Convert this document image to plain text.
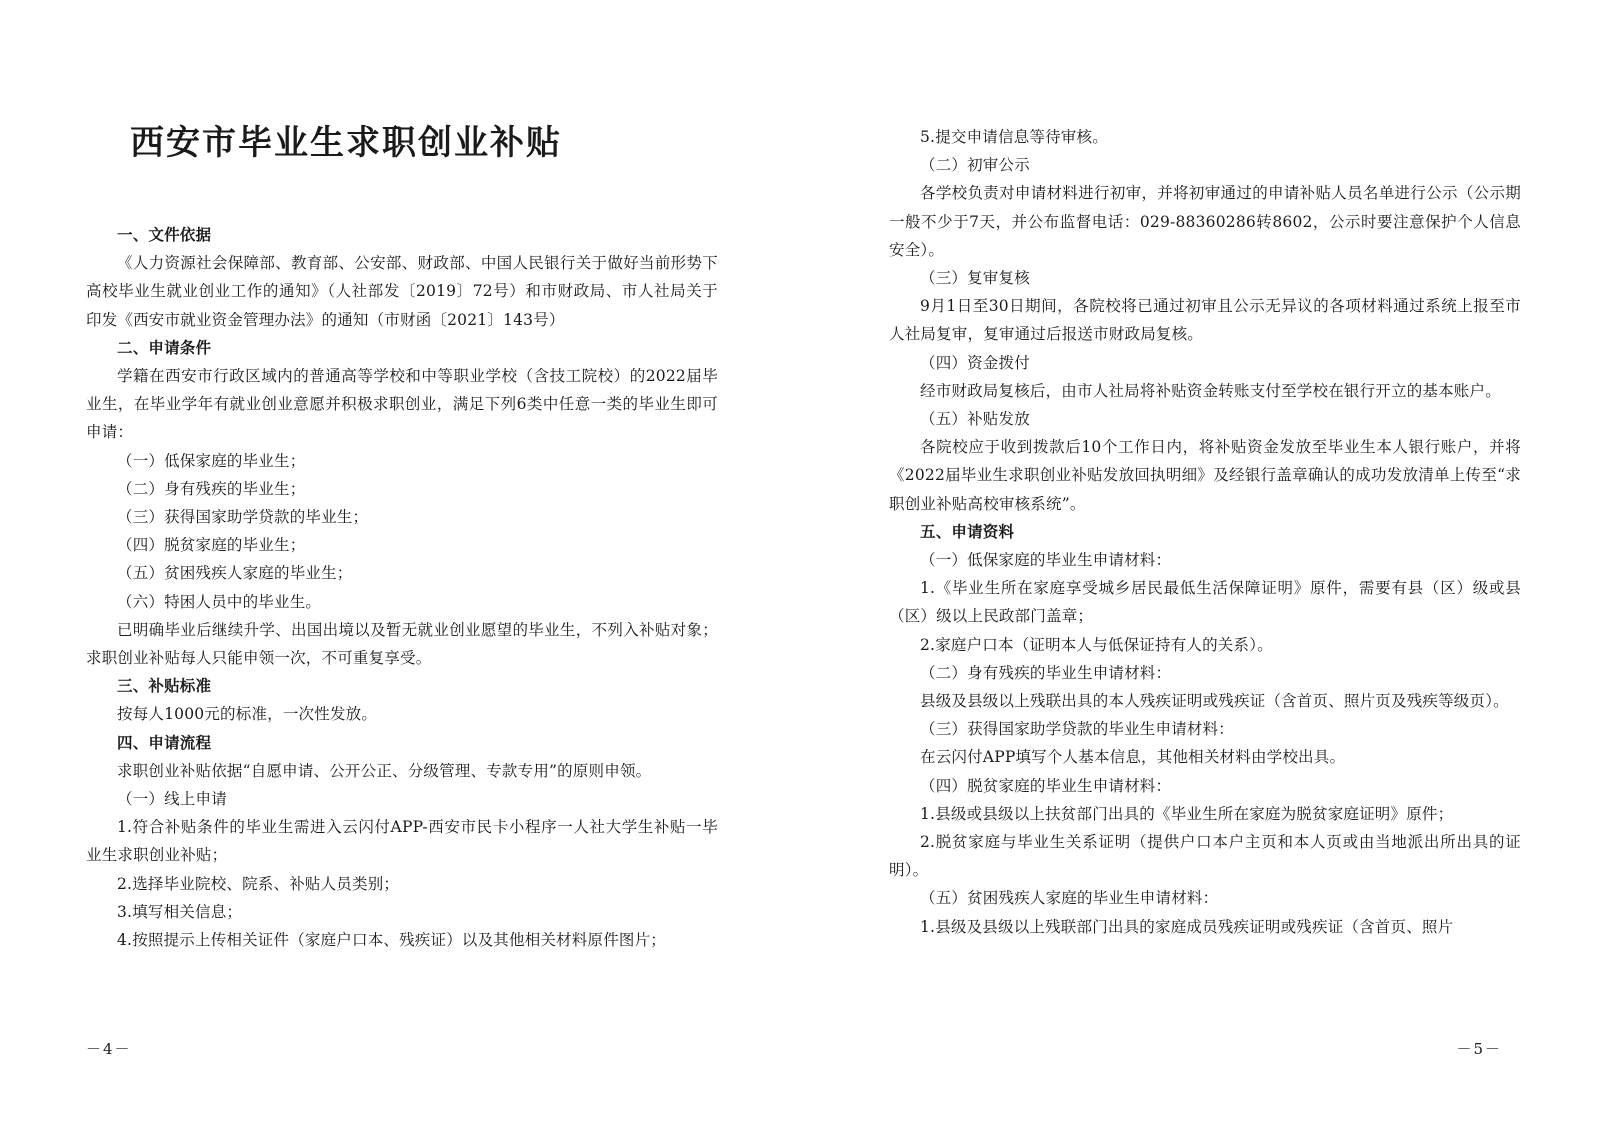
西安市毕业生求职创业补贴

一、文件依据

《人力资源社会保障部、教育部、公安部、财政部、中国人民银行关于做好当前形势下高校毕业生就业创业工作的通知》（人社部发〔2019〕72号）和市财政局、市人社局关于印发《西安市就业资金管理办法》的通知（市财函〔2021〕143号）

二、申请条件

学籍在西安市行政区域内的普通高等学校和中等职业学校（含技工院校）的2022届毕业生，在毕业学年有就业创业意愿并积极求职创业，满足下列6类中任意一类的毕业生即可申请：

（一）低保家庭的毕业生；

（二）身有残疾的毕业生；

（三）获得国家助学贷款的毕业生；

（四）脱贫家庭的毕业生；

（五）贫困残疾人家庭的毕业生；

（六）特困人员中的毕业生。

已明确毕业后继续升学、出国出境以及暂无就业创业愿望的毕业生，不列入补贴对象；求职创业补贴每人只能申领一次，不可重复享受。

三、补贴标准

按每人1000元的标准，一次性发放。

四、申请流程

求职创业补贴依据“自愿申请、公开公正、分级管理、专款专用”的原则申领。

（一）线上申请

1.符合补贴条件的毕业生需进入云闪付APP-西安市民卡小程序一人社大学生补贴一毕业生求职创业补贴；

2.选择毕业院校、院系、补贴人员类别；

3.填写相关信息；

4.按照提示上传相关证件（家庭户口本、残疾证）以及其他相关材料原件图片；

－4－

5.提交申请信息等待审核。

（二）初审公示

各学校负责对申请材料进行初审，并将初审通过的申请补贴人员名单进行公示（公示期一般不少于7天，并公布监督电话：029-88360286转8602，公示时要注意保护个人信息安全）。

（三）复审复核

9月1日至30日期间，各院校将已通过初审且公示无异议的各项材料通过系统上报至市人社局复审，复审通过后报送市财政局复核。

（四）资金拨付

经市财政局复核后，由市人社局将补贴资金转账支付至学校在银行开立的基本账户。

（五）补贴发放

各院校应于收到拨款后10个工作日内，将补贴资金发放至毕业生本人银行账户，并将《2022届毕业生求职创业补贴发放回执明细》及经银行盖章确认的成功发放清单上传至“求职创业补贴高校审核系统”。

五、申请资料

（一）低保家庭的毕业生申请材料：

1.《毕业生所在家庭享受城乡居民最低生活保障证明》原件，需要有县（区）级或县（区）级以上民政部门盖章；

2.家庭户口本（证明本人与低保证持有人的关系）。

（二）身有残疾的毕业生申请材料：

县级及县级以上残联出具的本人残疾证明或残疾证（含首页、照片页及残疾等级页）。

（三）获得国家助学贷款的毕业生申请材料：

在云闪付APP填写个人基本信息，其他相关材料由学校出具。

（四）脱贫家庭的毕业生申请材料：

1.县级或县级以上扶贫部门出具的《毕业生所在家庭为脱贫家庭证明》原件；

2.脱贫家庭与毕业生关系证明（提供户口本户主页和本人页或由当地派出所出具的证明）。

（五）贫困残疾人家庭的毕业生申请材料：

1.县级及县级以上残联部门出具的家庭成员残疾证明或残疾证（含首页、照片

－5－
